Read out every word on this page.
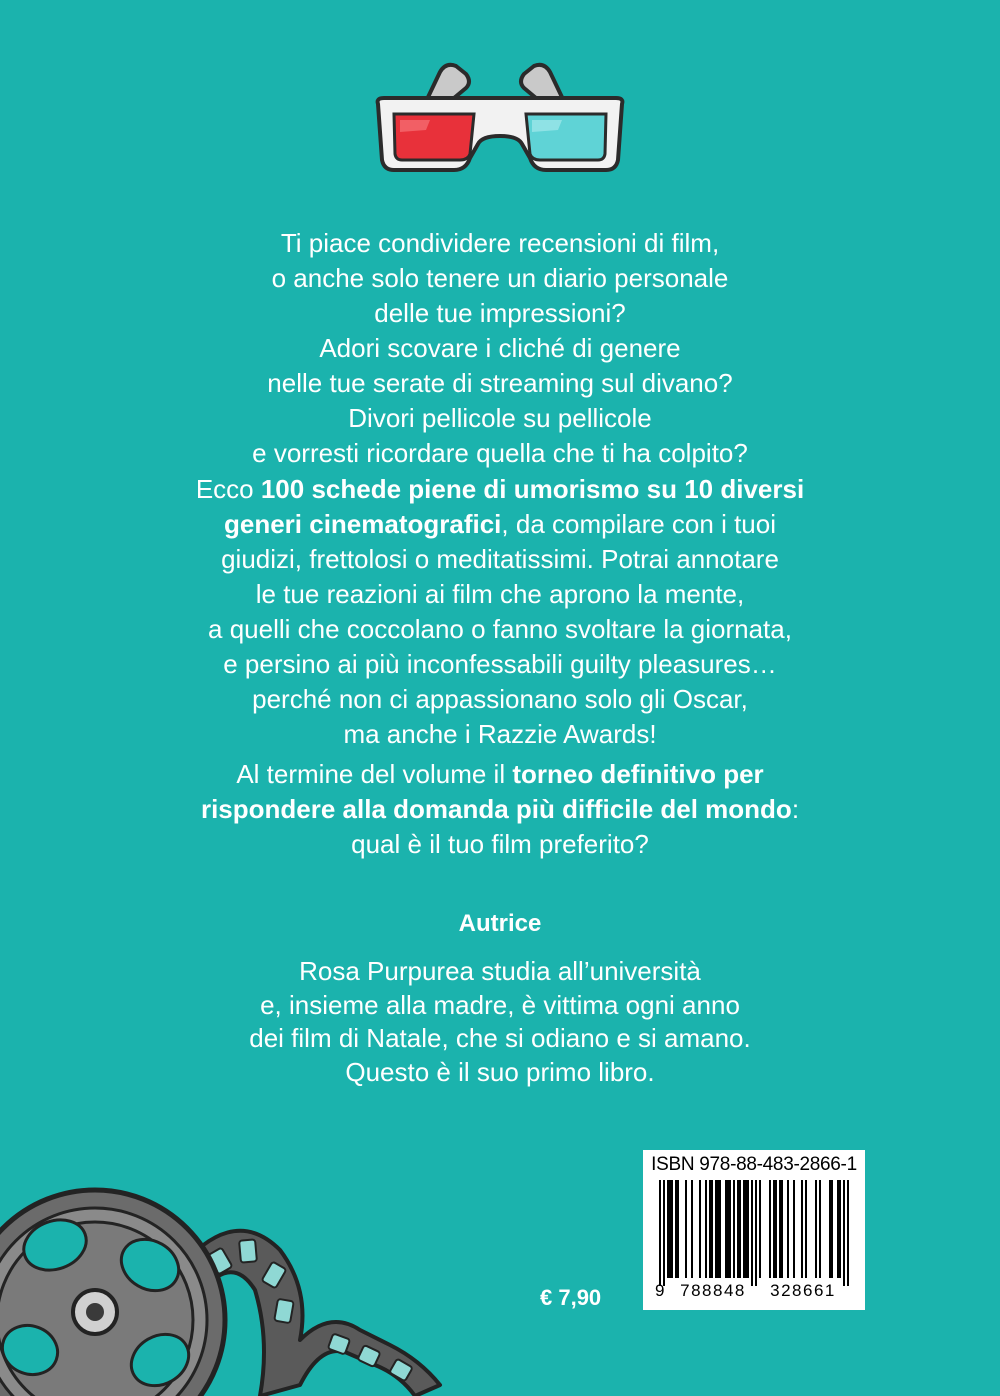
Ti piace condividere recensioni di film,
o anche solo tenere un diario personale
delle tue impressioni?
Adori scovare i cliché di genere
nelle tue serate di streaming sul divano?
Divori pellicole su pellicole
e vorresti ricordare quella che ti ha colpito?

Ecco 100 schede piene di umorismo su 10 diversi
generi cinematografici, da compilare con i tuoi
giudizi, frettolosi o meditatissimi. Potrai annotare
le tue reazioni ai film che aprono la mente,
a quelli che coccolano o fanno svoltare la giornata,
e persino ai più inconfessabili guilty pleasures…
perché non ci appassionano solo gli Oscar,
ma anche i Razzie Awards!

Al termine del volume il torneo definitivo per
rispondere alla domanda più difficile del mondo:
qual è il tuo film preferito?

Autrice

Rosa Purpurea studia all’università
e, insieme alla madre, è vittima ogni anno
dei film di Natale, che si odiano e si amano.
Questo è il suo primo libro.

€ 7,90

ISBN 978-88-483-2866-1

9 788848	328661
